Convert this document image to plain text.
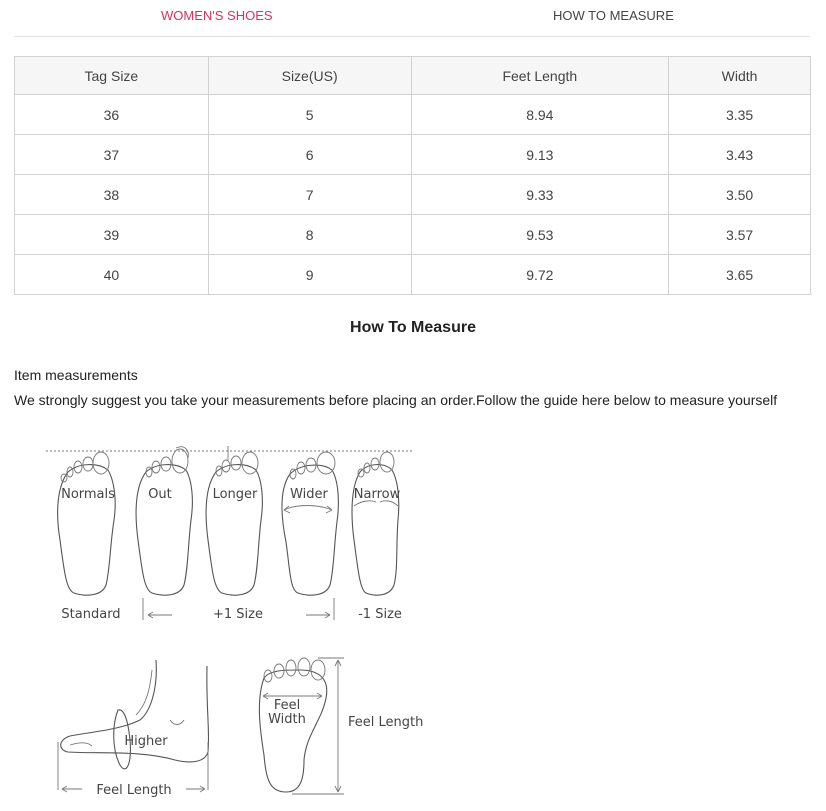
WOMEN'S SHOES	HOW TO MEASURE
Tag Size	Size(US)	Feet Length	Width
36	5	8.94	3.35
37	6	9.13	3.43
38	7	9.33	3.50
39	8	9.53	3.57
40	9	9.72	3.65
How To Measure
Item measurements
We strongly suggest you take your measurements before placing an order.Follow the guide here below to measure yourself
Normals	Out	Longer	Wider Narrow
Standard	+1 Size	-1 Size
Higher
Feel Length
Feel
Width	Feel Length
